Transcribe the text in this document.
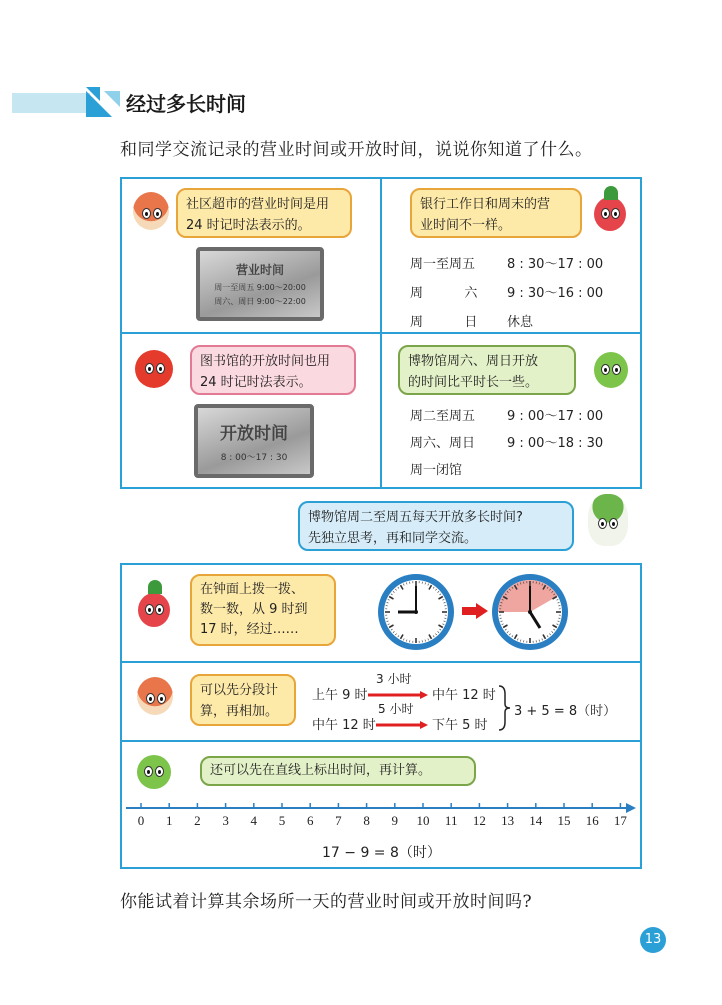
经过多长时间
和同学交流记录的营业时间或开放时间，说说你知道了什么。
社区超市的营业时间是用
24 时记时法表示的。
营业时间
周一至周五 9:00～20:00
周六、周日 9:00～22:00
银行工作日和周末的营
业时间不一样。
周一至周五 8 : 30～17 : 00
周          六 9 : 30～16 : 00
周          日 休息
图书馆的开放时间也用
24 时记时法表示。
开放时间
8 : 00～17 : 30
博物馆周六、周日开放
的时间比平时长一些。
周二至周五 9 : 00～17 : 00
周六、周日 9 : 00～18 : 30
周一闭馆
博物馆周二至周五每天开放多长时间?
先独立思考，再和同学交流。
在钟面上拨一拨、
数一数，从 9 时到
17 时，经过……
可以先分段计
算，再相加。
上午 9 时
3 小时
中午 12 时
中午 12 时
5 小时
下午 5 时
3 + 5 = 8（时）
还可以先在直线上标出时间，再计算。
0 1 2 3 4 5 6 7 8 9 10 11 12 13 14 15 16 17
17 − 9 = 8（时）
你能试着计算其余场所一天的营业时间或开放时间吗?
13
